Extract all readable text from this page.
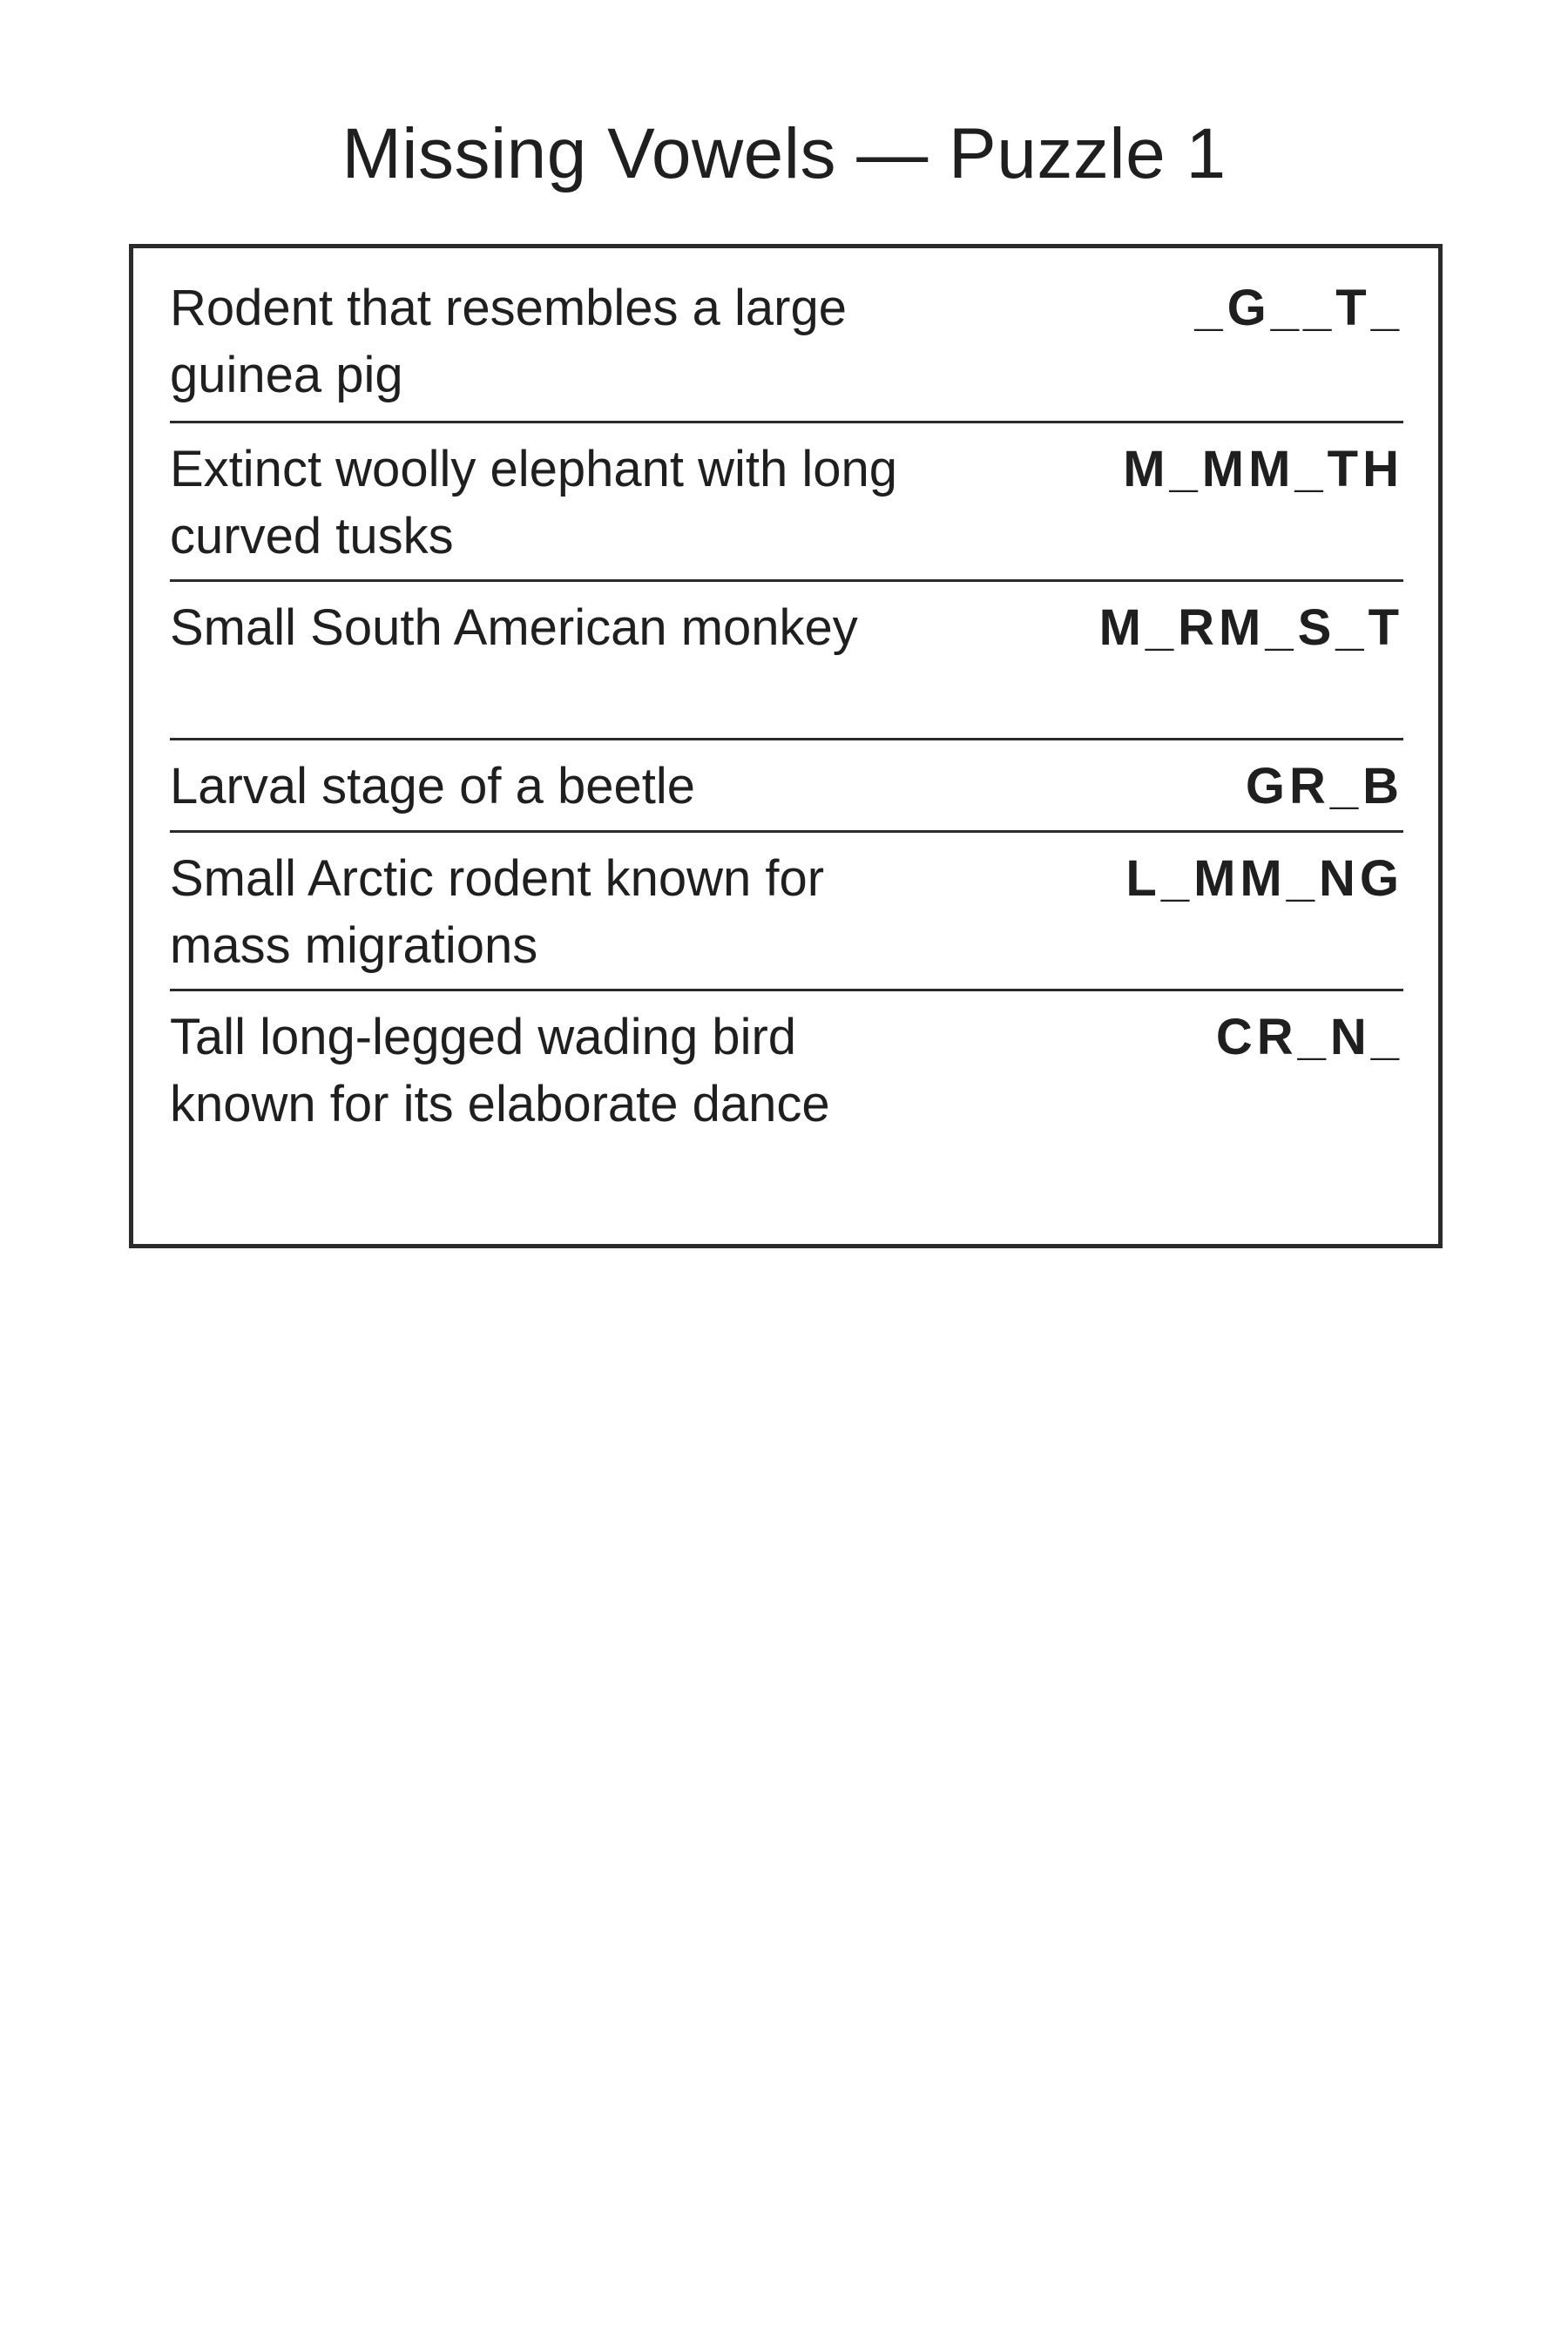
Missing Vowels — Puzzle 1
Rodent that resembles a large guinea pig
_G__T_
Extinct woolly elephant with long curved tusks
M_MM_TH
Small South American monkey	M_RM_S_T
Larval stage of a beetle	GR_B
Small Arctic rodent known for mass migrations
L_MM_NG
Tall long-legged wading bird known for its elaborate dance
CR_N_
